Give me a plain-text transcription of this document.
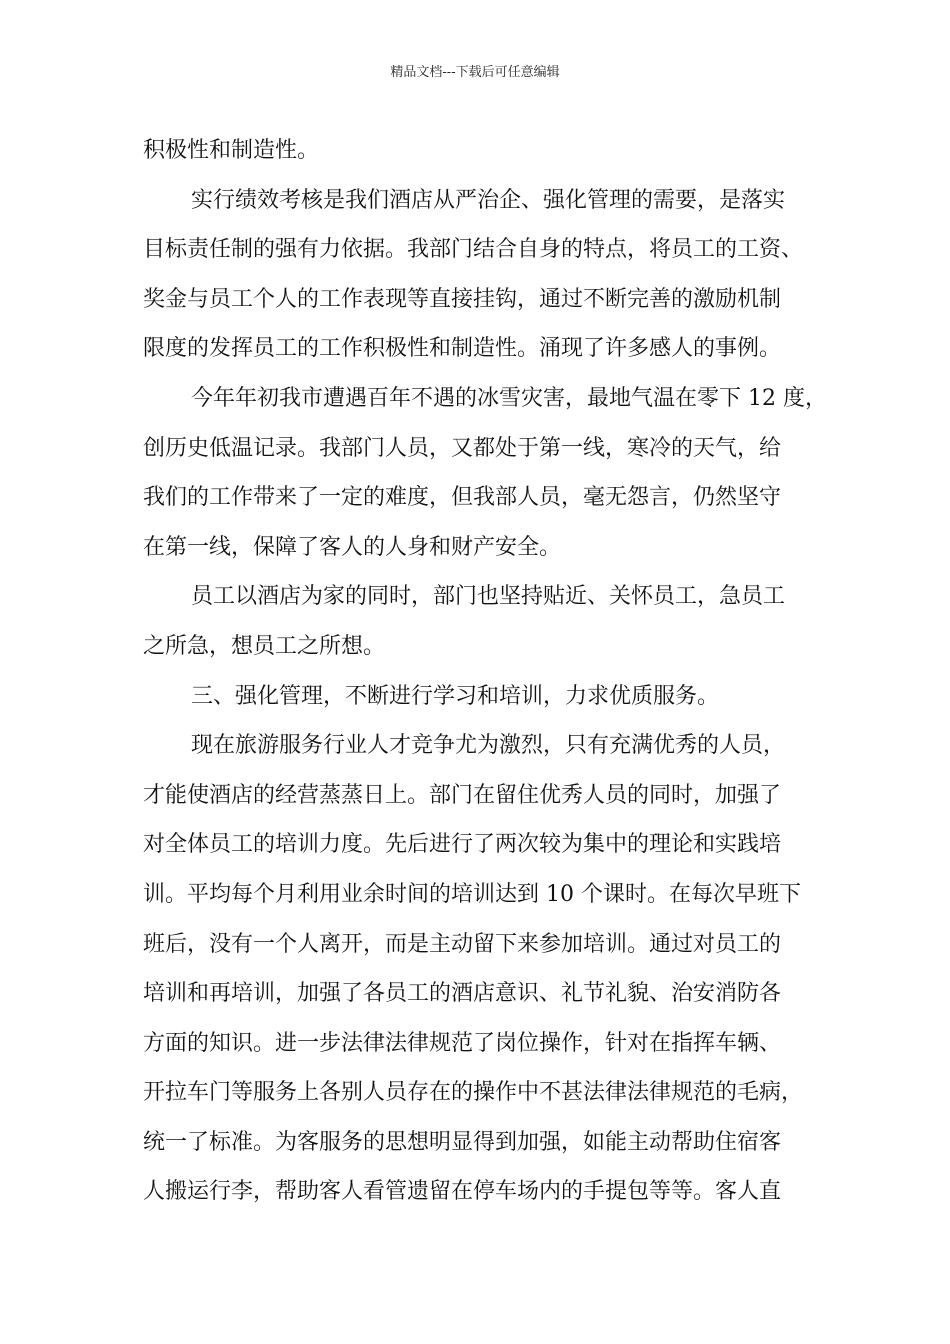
精品文档---下载后可任意编辑
积极性和制造性。
实行绩效考核是我们酒店从严治企、强化管理的需要，是落实
目标责任制的强有力依据。我部门结合自身的特点，将员工的工资、
奖金与员工个人的工作表现等直接挂钩，通过不断完善的激励机制
限度的发挥员工的工作积极性和制造性。涌现了许多感人的事例。
今年年初我市遭遇百年不遇的冰雪灾害，最地气温在零下 12 度，
创历史低温记录。我部门人员，又都处于第一线，寒冷的天气，给
我们的工作带来了一定的难度，但我部人员，毫无怨言，仍然坚守
在第一线，保障了客人的人身和财产安全。
员工以酒店为家的同时，部门也坚持贴近、关怀员工，急员工
之所急，想员工之所想。
三、强化管理，不断进行学习和培训，力求优质服务。
现在旅游服务行业人才竞争尤为激烈，只有充满优秀的人员，
才能使酒店的经营蒸蒸日上。部门在留住优秀人员的同时，加强了
对全体员工的培训力度。先后进行了两次较为集中的理论和实践培
训。平均每个月利用业余时间的培训达到 10 个课时。在每次早班下
班后，没有一个人离开，而是主动留下来参加培训。通过对员工的
培训和再培训，加强了各员工的酒店意识、礼节礼貌、治安消防各
方面的知识。进一步法律法律规范了岗位操作，针对在指挥车辆、
开拉车门等服务上各别人员存在的操作中不甚法律法律规范的毛病，
统一了标准。为客服务的思想明显得到加强，如能主动帮助住宿客
人搬运行李，帮助客人看管遗留在停车场内的手提包等等。客人直
